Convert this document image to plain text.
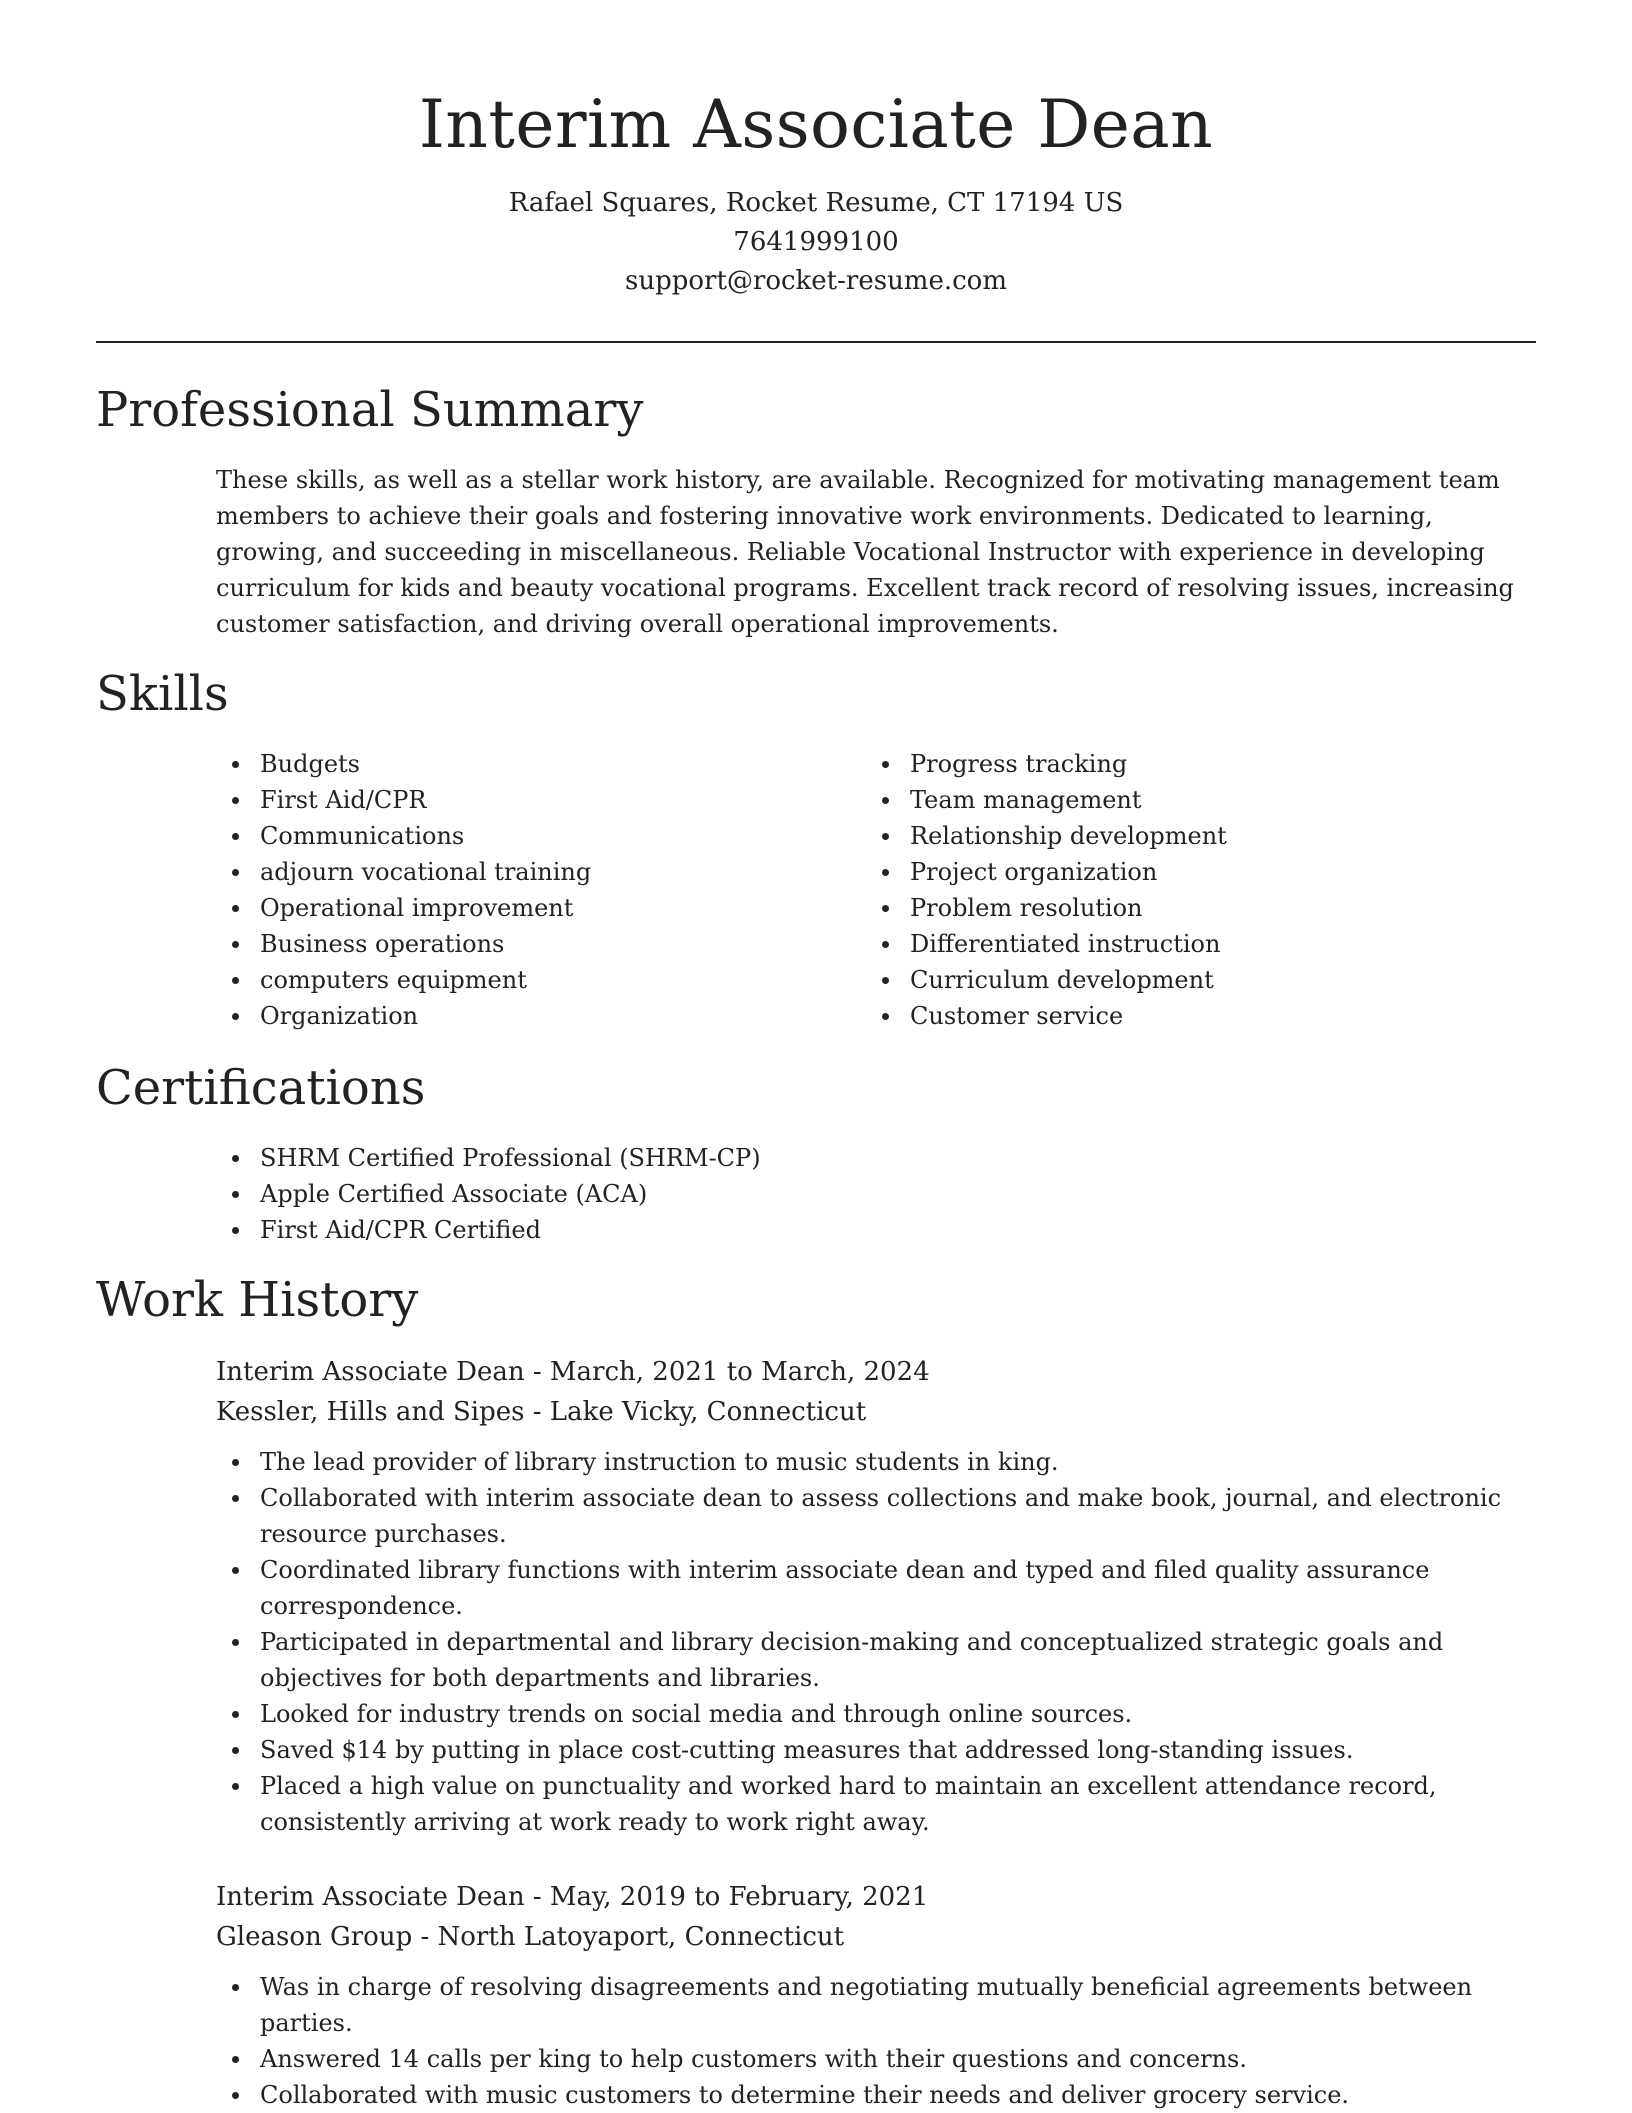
Interim Associate Dean
Rafael Squares, Rocket Resume, CT 17194 US
7641999100
support@rocket-resume.com
Professional Summary

These skills, as well as a stellar work history, are available. Recognized for motivating management team members to achieve their goals and fostering innovative work environments. Dedicated to learning, growing, and succeeding in miscellaneous. Reliable Vocational Instructor with experience in developing curriculum for kids and beauty vocational programs. Excellent track record of resolving issues, increasing customer satisfaction, and driving overall operational improvements.

Skills
Budgets
First Aid/CPR
Communications
adjourn vocational training
Operational improvement
Business operations
computers equipment
Organization
Progress tracking
Team management
Relationship development
Project organization
Problem resolution
Differentiated instruction
Curriculum development
Customer service
Certifications
SHRM Certified Professional (SHRM-CP)
Apple Certified Associate (ACA)
First Aid/CPR Certified
Work History
Interim Associate Dean - March, 2021 to March, 2024
Kessler, Hills and Sipes - Lake Vicky, Connecticut
The lead provider of library instruction to music students in king.
Collaborated with interim associate dean to assess collections and make book, journal, and electronic resource purchases.
Coordinated library functions with interim associate dean and typed and filed quality assurance correspondence.
Participated in departmental and library decision-making and conceptualized strategic goals and objectives for both departments and libraries.
Looked for industry trends on social media and through online sources.
Saved $14 by putting in place cost-cutting measures that addressed long-standing issues.
Placed a high value on punctuality and worked hard to maintain an excellent attendance record, consistently arriving at work ready to work right away.
Interim Associate Dean - May, 2019 to February, 2021
Gleason Group - North Latoyaport, Connecticut
Was in charge of resolving disagreements and negotiating mutually beneficial agreements between parties.
Answered 14 calls per king to help customers with their questions and concerns.
Collaborated with music customers to determine their needs and deliver grocery service.
